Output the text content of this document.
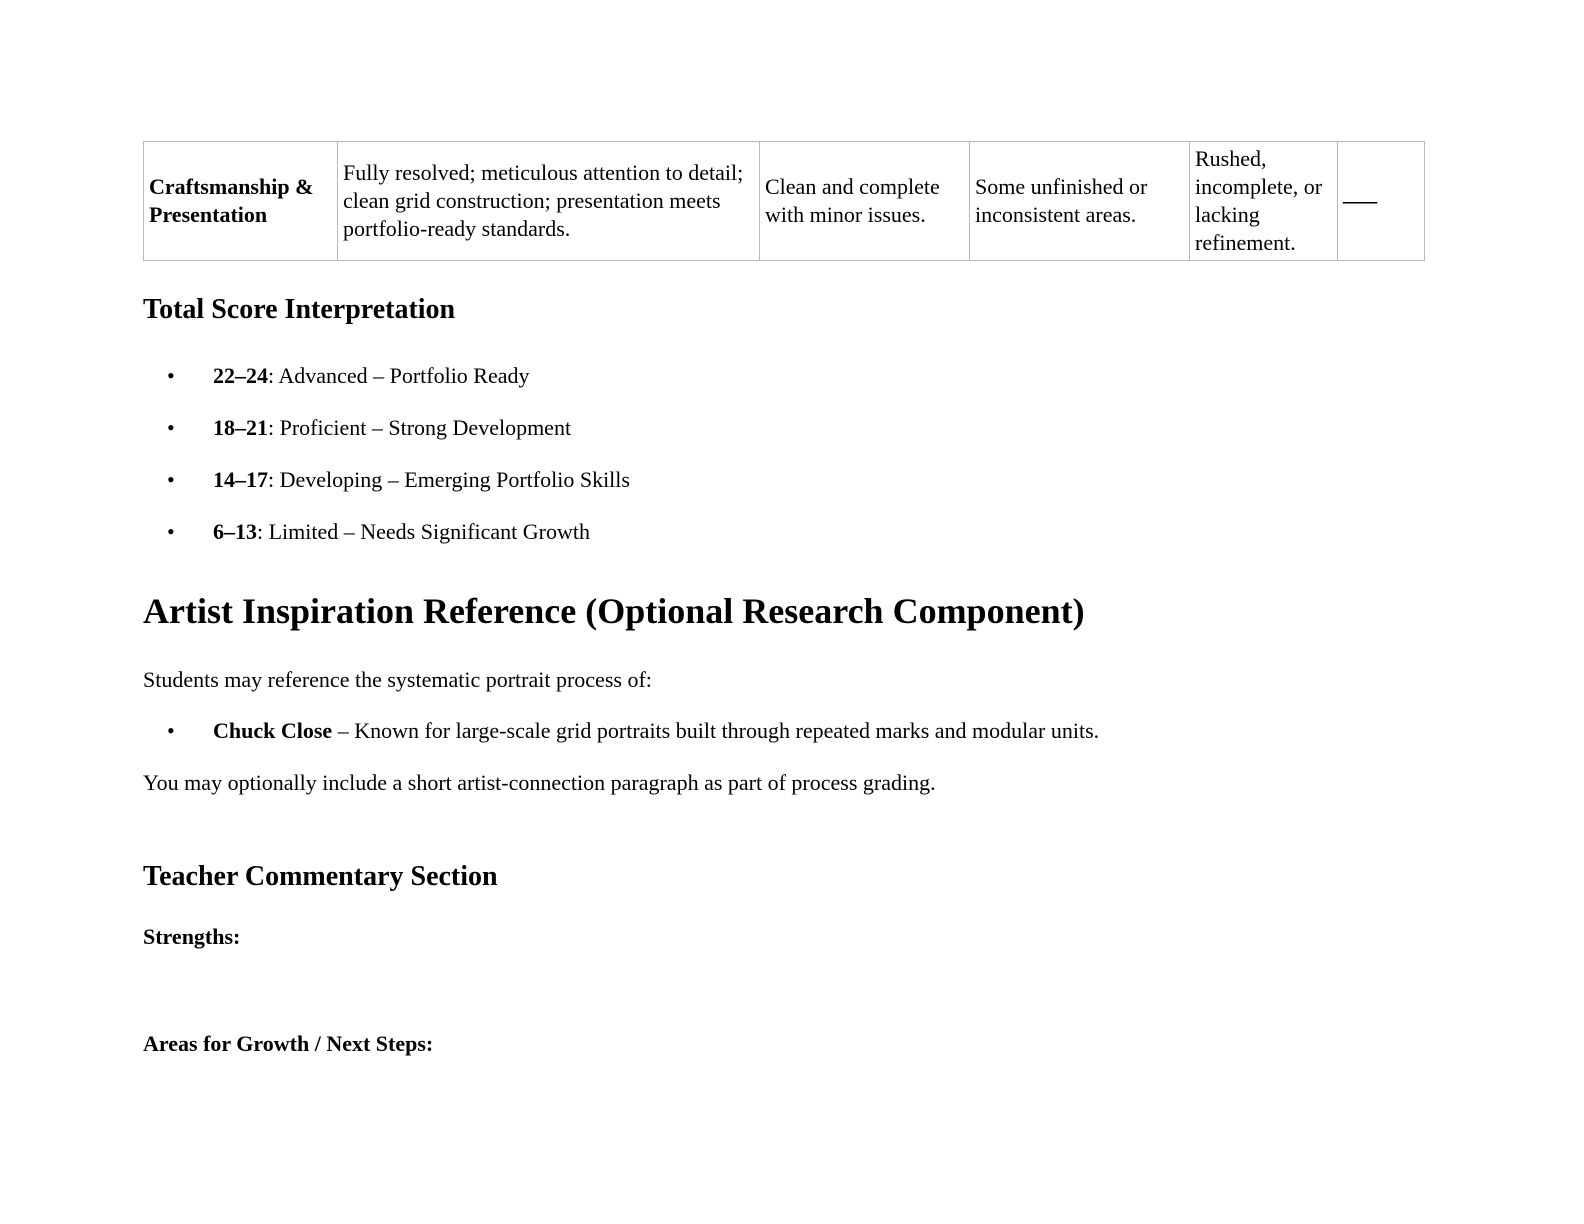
Craftsmanship & Presentation	Fully resolved; meticulous attention to detail; clean grid construction; presentation meets portfolio-ready standards.	Clean and complete with minor issues.	Some unfinished or inconsistent areas.	Rushed, incomplete, or lacking refinement.	—
Total Score Interpretation
• 22–24: Advanced – Portfolio Ready
• 18–21: Proficient – Strong Development
• 14–17: Developing – Emerging Portfolio Skills
• 6–13: Limited – Needs Significant Growth
Artist Inspiration Reference (Optional Research Component)

Students may reference the systematic portrait process of:

• Chuck Close – Known for large-scale grid portraits built through repeated marks and modular units.

You may optionally include a short artist-connection paragraph as part of process grading.

Teacher Commentary Section

Strengths:

Areas for Growth / Next Steps:
